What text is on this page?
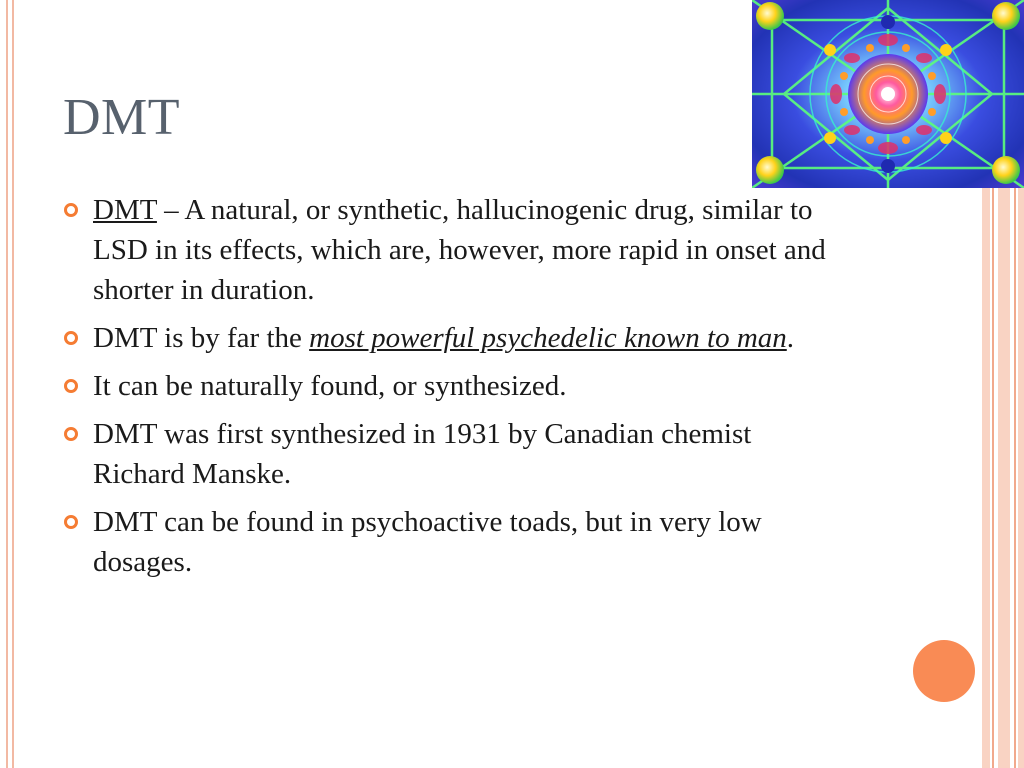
DMT
DMT – A natural, or synthetic, hallucinogenic drug, similar to LSD in its effects, which are, however, more rapid in onset and shorter in duration.
DMT is by far the most powerful psychedelic known to man.
It can be naturally found, or synthesized.
DMT was first synthesized in 1931 by Canadian chemist Richard Manske.
DMT can be found in psychoactive toads, but in very low dosages.
